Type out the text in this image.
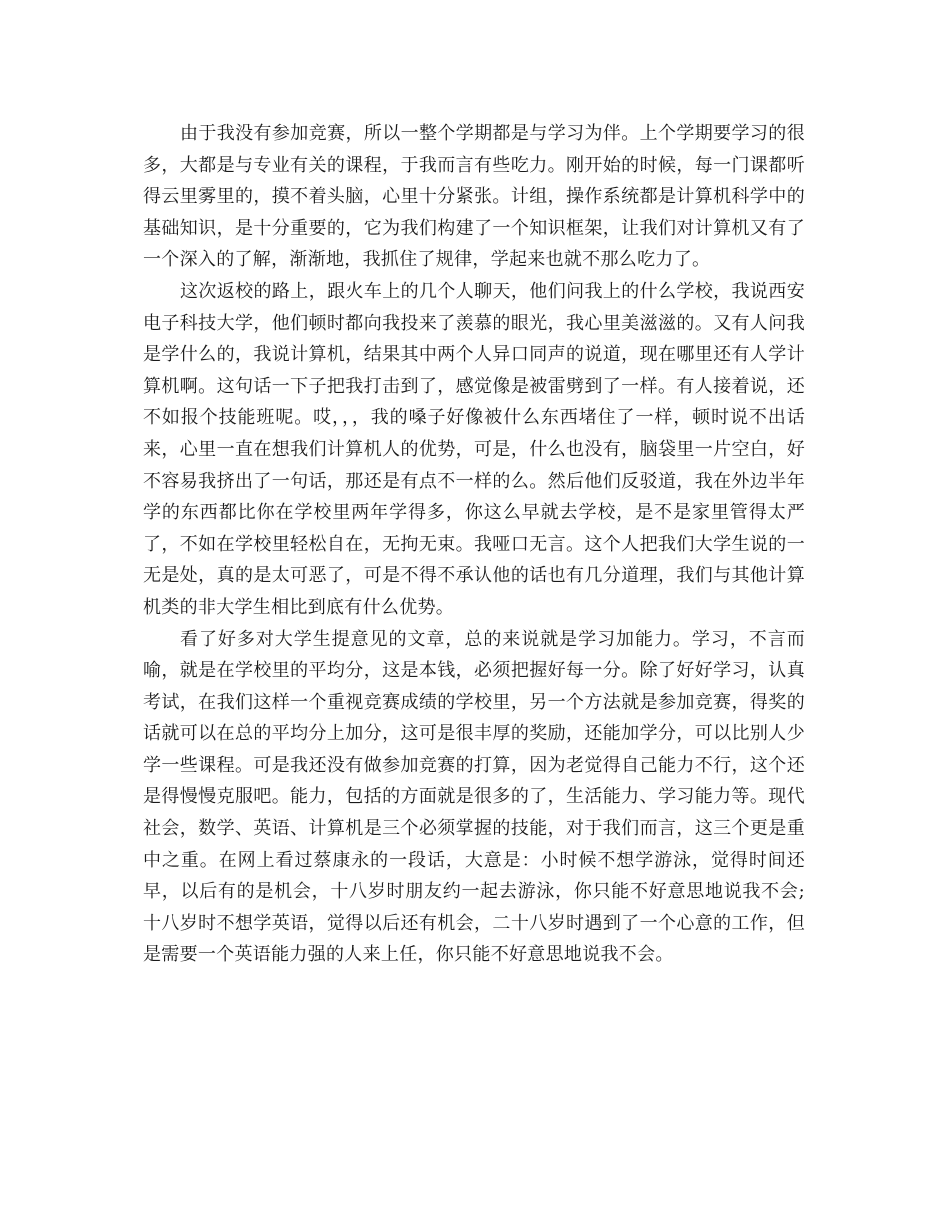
由于我没有参加竞赛，所以一整个学期都是与学习为伴。上个学期要学习的很多，大都是与专业有关的课程，于我而言有些吃力。刚开始的时候，每一门课都听得云里雾里的，摸不着头脑，心里十分紧张。计组，操作系统都是计算机科学中的基础知识，是十分重要的，它为我们构建了一个知识框架，让我们对计算机又有了一个深入的了解，渐渐地，我抓住了规律，学起来也就不那么吃力了。

这次返校的路上，跟火车上的几个人聊天，他们问我上的什么学校，我说西安电子科技大学，他们顿时都向我投来了羡慕的眼光，我心里美滋滋的。又有人问我是学什么的，我说计算机，结果其中两个人异口同声的说道，现在哪里还有人学计算机啊。这句话一下子把我打击到了，感觉像是被雷劈到了一样。有人接着说，还不如报个技能班呢。哎，，，我的嗓子好像被什么东西堵住了一样，顿时说不出话来，心里一直在想我们计算机人的优势，可是，什么也没有，脑袋里一片空白，好不容易我挤出了一句话，那还是有点不一样的么。然后他们反驳道，我在外边半年学的东西都比你在学校里两年学得多，你这么早就去学校，是不是家里管得太严了，不如在学校里轻松自在，无拘无束。我哑口无言。这个人把我们大学生说的一无是处，真的是太可恶了，可是不得不承认他的话也有几分道理，我们与其他计算机类的非大学生相比到底有什么优势。

看了好多对大学生提意见的文章，总的来说就是学习加能力。学习，不言而喻，就是在学校里的平均分，这是本钱，必须把握好每一分。除了好好学习，认真考试，在我们这样一个重视竞赛成绩的学校里，另一个方法就是参加竞赛，得奖的话就可以在总的平均分上加分，这可是很丰厚的奖励，还能加学分，可以比别人少学一些课程。可是我还没有做参加竞赛的打算，因为老觉得自己能力不行，这个还是得慢慢克服吧。能力，包括的方面就是很多的了，生活能力、学习能力等。现代社会，数学、英语、计算机是三个必须掌握的技能，对于我们而言，这三个更是重中之重。在网上看过蔡康永的一段话，大意是：小时候不想学游泳，觉得时间还早，以后有的是机会，十八岁时朋友约一起去游泳，你只能不好意思地说我不会;十八岁时不想学英语，觉得以后还有机会，二十八岁时遇到了一个心意的工作，但是需要一个英语能力强的人来上任，你只能不好意思地说我不会。
